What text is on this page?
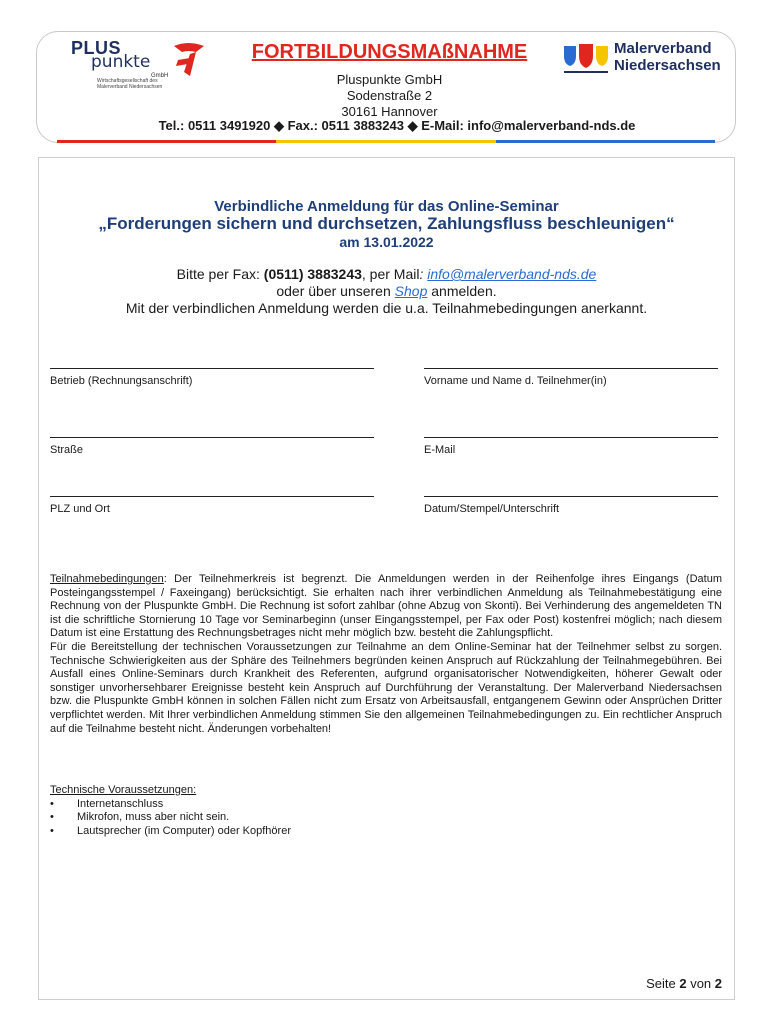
PLUS
punkte
GmbH
Wirtschaftsgesellschaft des Malerverband Niedersachsen
FORTBILDUNGSMAßNAHME
Pluspunkte GmbH
Sodenstraße 2
30161 Hannover
Tel.: 0511 3491920 ◆ Fax.: 0511 3883243 ◆ E-Mail: info@malerverband-nds.de
Malerverband
Niedersachsen
Verbindliche Anmeldung für das Online-Seminar
„Forderungen sichern und durchsetzen, Zahlungsfluss beschleunigen“
am 13.01.2022
Bitte per Fax: (0511) 3883243, per Mail: info@malerverband-nds.de
oder über unseren Shop anmelden.
Mit der verbindlichen Anmeldung werden die u.a. Teilnahmebedingungen anerkannt.
Betrieb (Rechnungsanschrift)	Vorname und Name d. Teilnehmer(in)
Straße	E-Mail
PLZ und Ort	Datum/Stempel/Unterschrift

Teilnahmebedingungen: Der Teilnehmerkreis ist begrenzt. Die Anmeldungen werden in der Reihenfolge ihres Eingangs (Datum Posteingangsstempel / Faxeingang) berücksichtigt. Sie erhalten nach ihrer verbindlichen Anmeldung als Teilnahmebestätigung eine Rechnung von der Pluspunkte GmbH. Die Rechnung ist sofort zahlbar (ohne Abzug von Skonti). Bei Verhinderung des angemeldeten TN ist die schriftliche Stornierung 10 Tage vor Seminarbeginn (unser Eingangsstempel, per Fax oder Post) kostenfrei möglich; nach diesem Datum ist eine Erstattung des Rechnungsbetrages nicht mehr möglich bzw. besteht die Zahlungspflicht.

Für die Bereitstellung der technischen Voraussetzungen zur Teilnahme an dem Online-Seminar hat der Teilnehmer selbst zu sorgen. Technische Schwierigkeiten aus der Sphäre des Teilnehmers begründen keinen Anspruch auf Rückzahlung der Teilnahmegebühren. Bei Ausfall eines Online-Seminars durch Krankheit des Referenten, aufgrund organisatorischer Notwendigkeiten, höherer Gewalt oder sonstiger unvorhersehbarer Ereignisse besteht kein Anspruch auf Durchführung der Veranstaltung. Der Malerverband Niedersachsen bzw. die Pluspunkte GmbH können in solchen Fällen nicht zum Ersatz von Arbeitsausfall, entgangenem Gewinn oder Ansprüchen Dritter verpflichtet werden. Mit Ihrer verbindlichen Anmeldung stimmen Sie den allgemeinen Teilnahmebedingungen zu. Ein rechtlicher Anspruch auf die Teilnahme besteht nicht. Änderungen vorbehalten!

Technische Voraussetzungen:
• Internetanschluss
• Mikrofon, muss aber nicht sein.
• Lautsprecher (im Computer) oder Kopfhörer
Seite 2 von 2
